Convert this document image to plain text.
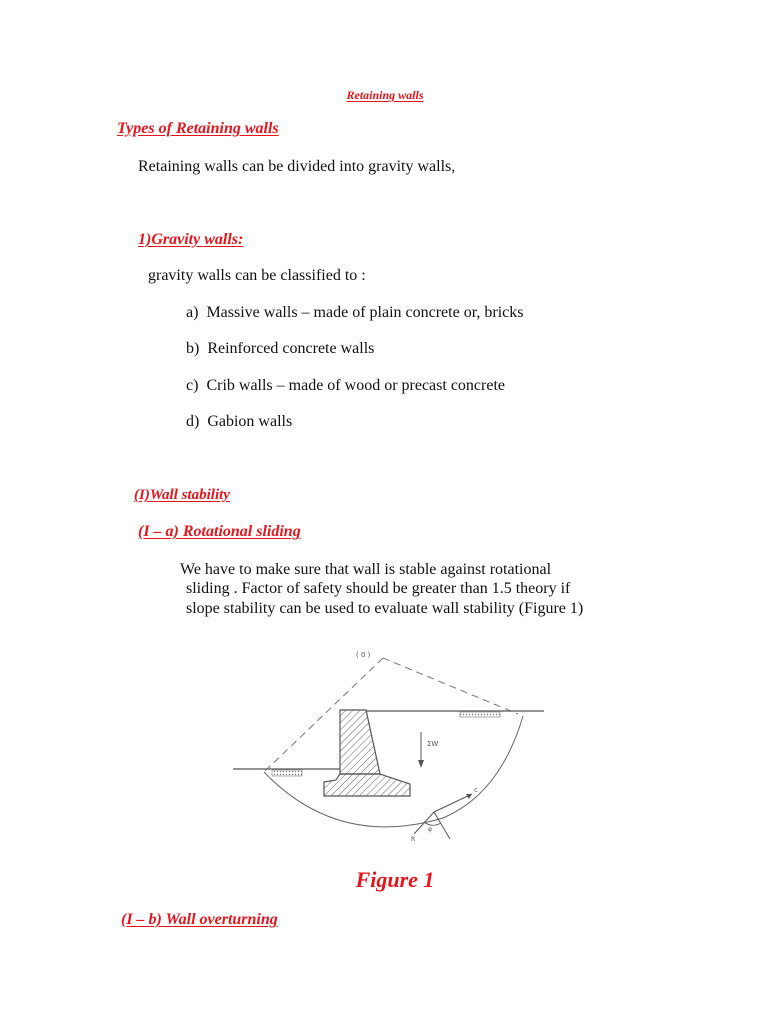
Retaining walls
Types of Retaining walls
Retaining walls can be divided into gravity walls,
1)Gravity walls:
gravity walls can be classified to :
a) Massive walls – made of plain concrete or, bricks
b) Reinforced concrete walls
c) Crib walls – made of wood or precast concrete
d) Gabion walls
(I)Wall stability
(I – a) Rotational sliding
We have to make sure that wall is stable against rotational
sliding . Factor of safety should be greater than 1.5 theory if
slope stability can be used to evaluate wall stability (Figure 1)
ΣW
( 0 )
c
φ
R
Figure 1
(I – b) Wall overturning
